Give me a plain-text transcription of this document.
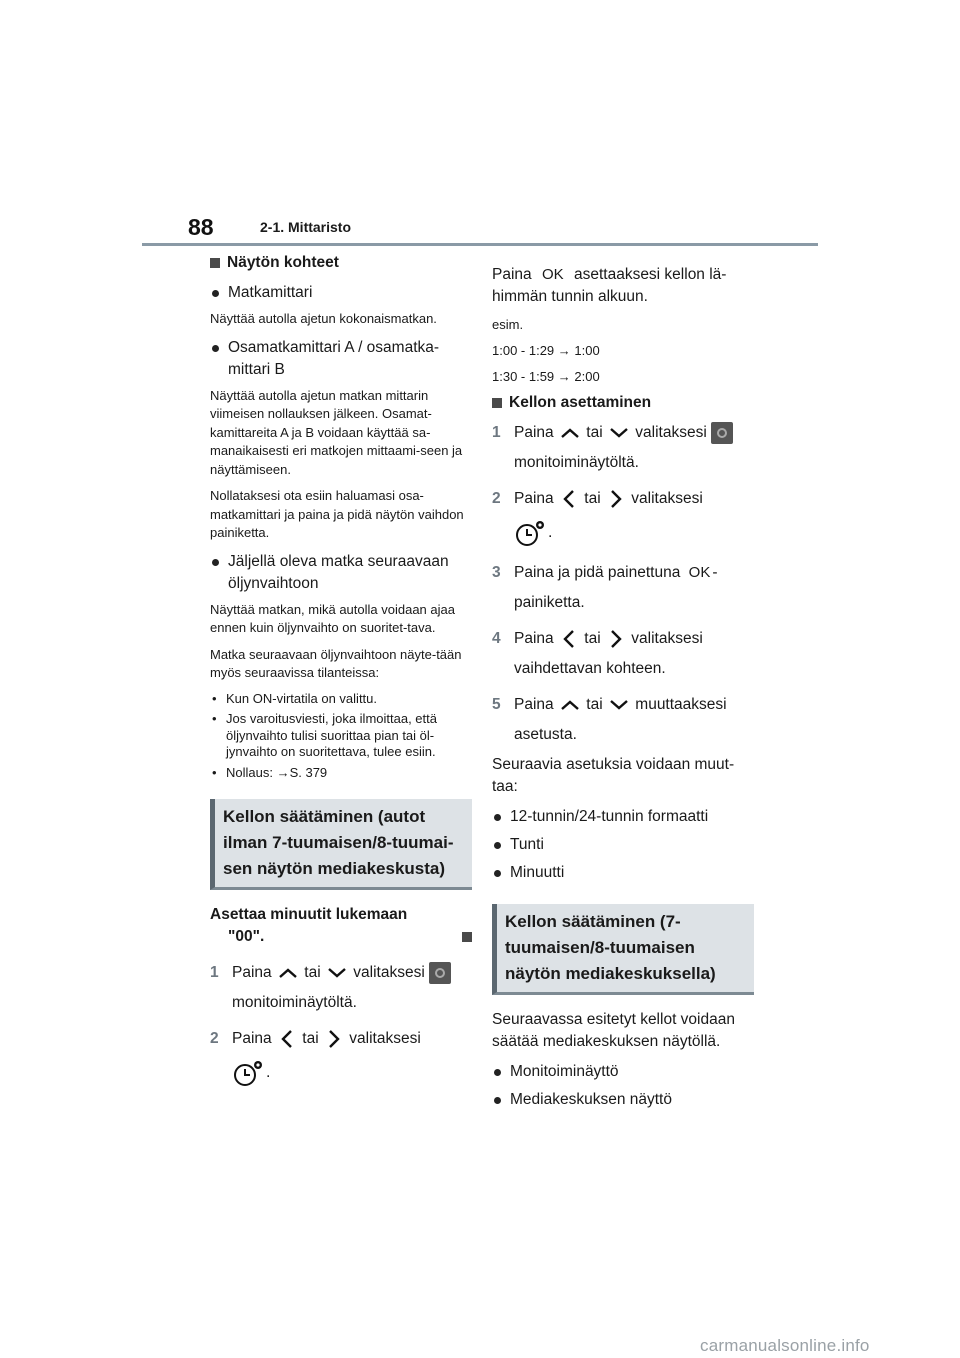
88	2-1. Mittaristo
Näytön kohteet
Matkamittari
Näyttää autolla ajetun kokonaismatkan.
Osamatkamittari A / osamatka-
mittari B
Näyttää autolla ajetun matkan mittarin viimeisen nollauksen jälkeen. Osamat-kamittareita A ja B voidaan käyttää sa-manaikaisesti eri matkojen mittaami-seen ja näyttämiseen.
Nollataksesi ota esiin haluamasi osa-matkamittari ja paina ja pidä näytön vaihdon painiketta.
Jäljellä oleva matka seuraavaan
öljynvaihtoon
Näyttää matkan, mikä autolla voidaan ajaa ennen kuin öljynvaihto on suoritet-tava.
Matka seuraavaan öljynvaihtoon näyte-tään myös seuraavissa tilanteissa:
• Kun ON-virtatila on valittu.
• Jos varoitusviesti, joka ilmoittaa, että öljynvaihto tulisi suorittaa pian tai öl-jynvaihto on suoritettava, tulee esiin.
• Nollaus: →S. 379
Kellon säätäminen (autot ilman 7-tuumaisen/8-tuumai-sen näytön mediakeskusta)
Asettaa minuutit lukemaan
"00".
1 Paina tai valitaksesi
monitoiminäytöltä.
2 Paina tai valitaksesi
.
Paina OK asettaaksesi kellon lä-
himmän tunnin alkuun.
esim.
1:00 - 1:29 → 1:00
1:30 - 1:59 → 2:00
Kellon asettaminen
1 Paina tai valitaksesi
monitoiminäytöltä.
2 Paina tai valitaksesi
.
3 Paina ja pidä painettuna OK -
painiketta.
4 Paina tai valitaksesi
vaihdettavan kohteen.
5 Paina tai muuttaaksesi
asetusta.
Seuraavia asetuksia voidaan muut-taa:
12-tunnin/24-tunnin formaatti
Tunti
Minuutti
Kellon säätäminen (7-tuumaisen/8-tuumaisen näytön mediakeskuksella)
Seuraavassa esitetyt kellot voidaan säätää mediakeskuksen näytöllä.
Monitoiminäyttö
Mediakeskuksen näyttö
carmanualsonline.info
